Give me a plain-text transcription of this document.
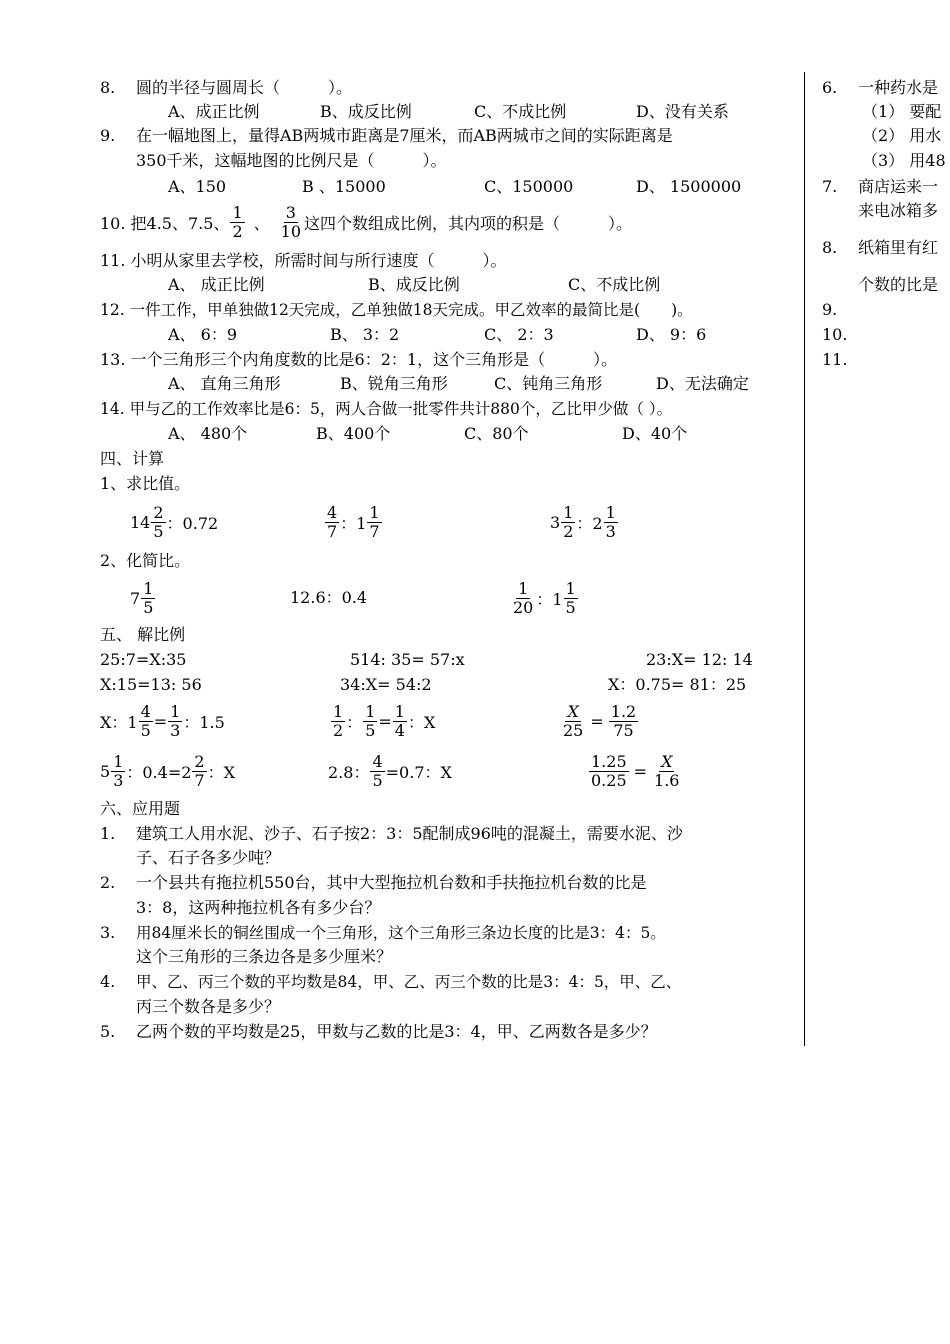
8. 圆的半径与圆周长（　　　）。
A、成正比例	B、成反比例	C、不成比例	D、没有关系
9. 在一幅地图上，量得AB两城市距离是7厘米，而AB两城市之间的实际距离是
350千米，这幅地图的比例尺是（　　　）。
A、150	B 、15000	C、150000	D、 1500000
10. 把4.5、7.5、 $\frac{1}{2}$ 、 $\frac{3}{10}$ 这四个数组成比例，其内项的积是（　　　）。
11. 小明从家里去学校，所需时间与所行速度（　　　）。
A、 成正比例	B、成反比例	C、不成比例
12. 一件工作，甲单独做12天完成，乙单独做18天完成。甲乙效率的最简比是(　　)。
A、 6：9	B、 3：2	C、 2：3	D、 9：6
13. 一个三角形三个内角度数的比是6：2：1，这个三角形是（　　　）。
A、 直角三角形	B、锐角三角形	C、钝角三角形	D、无法确定
14. 甲与乙的工作效率比是6：5，两人合做一批零件共计880个，乙比甲少做（ ）。
A、 480个	B、400个	C、80个	D、40个
四、计算
1、求比值。
$14 \frac{2}{5}$ ：0.72	$\frac{4}{7}$ ：$1 \frac{1}{7}$	$3 \frac{1}{2}$ ：$2 \frac{1}{3}$
2、化简比。
$7 \frac{1}{5}$	12.6：0.4	$\frac{1}{20}$ ：$1 \frac{1}{5}$
五、 解比例
25:7=X:35	514: 35= 57:x	23:X= 12: 14
X:15=13: 56	34:X= 54:2	X：0.75= 81：25
X：$1 \frac{4}{5} = \frac{1}{3}$ ：1.5	$\frac{1}{2}$ ： $\frac{1}{5} = \frac{1}{4}$ ：X	$\frac{X}{25} = \frac{1.2}{75}$
$5 \frac{1}{3}$ ：$0.4=2 \frac{2}{7}$ ：X	2.8： $\frac{4}{5} =0.7$：X	$\frac{1.25}{0.25} = \frac{X}{1.6}$
六、应用题
1. 建筑工人用水泥、沙子、石子按2：3：5配制成96吨的混凝土，需要水泥、沙
子、石子各多少吨？
2. 一个县共有拖拉机550台，其中大型拖拉机台数和手扶拖拉机台数的比是
3：8，这两种拖拉机各有多少台？
3. 用84厘米长的铜丝围成一个三角形，这个三角形三条边长度的比是3：4：5。
这个三角形的三条边各是多少厘米？
4. 甲、乙、丙三个数的平均数是84，甲、乙、丙三个数的比是3：4：5，甲、乙、
丙三个数各是多少？
5. 乙两个数的平均数是25，甲数与乙数的比是3：4，甲、乙两数各是多少？
6. 一种药水是
（1） 要配
（2） 用水
（3） 用48
7. 商店运来一
来电冰箱多
8. 纸箱里有红
个数的比是
9.
10.
11.
